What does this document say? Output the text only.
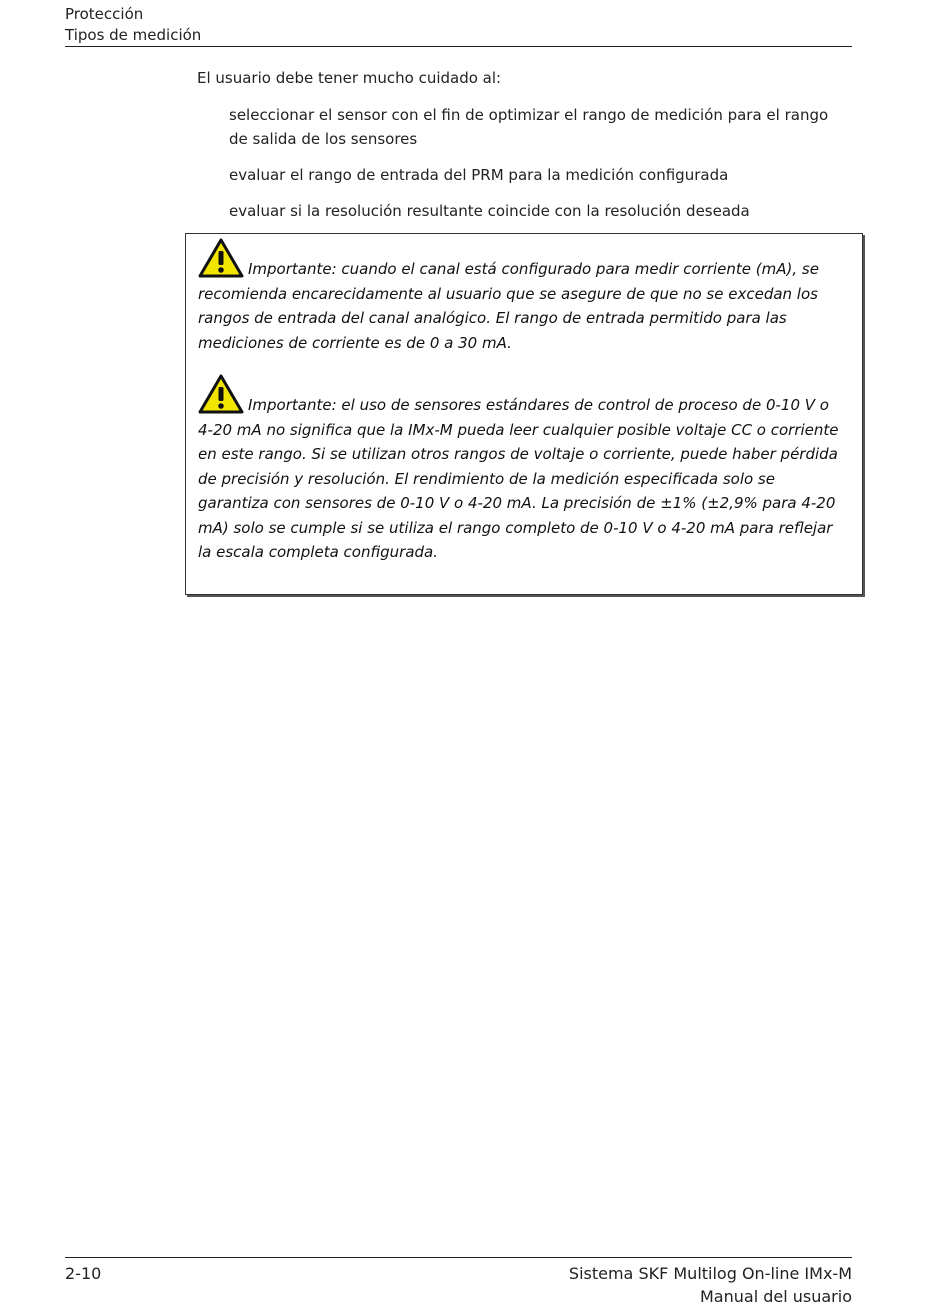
Protección
Tipos de medición
El usuario debe tener mucho cuidado al:
seleccionar el sensor con el fin de optimizar el rango de medición para el rango de salida de los sensores
evaluar el rango de entrada del PRM para la medición configurada
evaluar si la resolución resultante coincide con la resolución deseada
Importante: cuando el canal está configurado para medir corriente (mA), se recomienda encarecidamente al usuario que se asegure de que no se excedan los rangos de entrada del canal analógico. El rango de entrada permitido para las mediciones de corriente es de 0 a 30 mA.
Importante: el uso de sensores estándares de control de proceso de 0-10 V o
4-20 mA no significa que la IMx-M pueda leer cualquier posible voltaje CC o corriente en este rango. Si se utilizan otros rangos de voltaje o corriente, puede haber pérdida de precisión y resolución. El rendimiento de la medición especificada solo se garantiza con sensores de 0-10 V o 4-20 mA. La precisión de ±1% (±2,9% para 4-20 mA) solo se cumple si se utiliza el rango completo de 0-10 V o 4-20 mA para reflejar la escala completa configurada.
2-10	Sistema SKF Multilog On-line IMx-M
Manual del usuario
